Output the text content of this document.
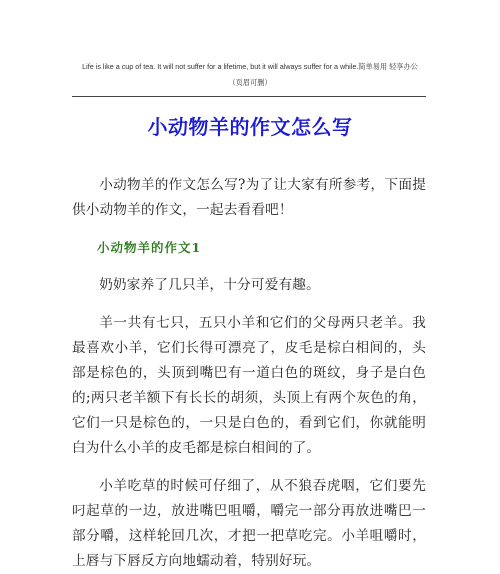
Life is like a cup of tea. It will not suffer for a lifetime, but it will always suffer for a while.简单易用 轻享办公
（页眉可删）
小动物羊的作文怎么写

小动物羊的作文怎么写?为了让大家有所参考，下面提供小动物羊的作文，一起去看看吧！

小动物羊的作文1

奶奶家养了几只羊，十分可爱有趣。

羊一共有七只，五只小羊和它们的父母两只老羊。我最喜欢小羊，它们长得可漂亮了，皮毛是棕白相间的，头部是棕色的，头顶到嘴巴有一道白色的斑纹，身子是白色的;两只老羊额下有长长的胡须，头顶上有两个灰色的角，它们一只是棕色的，一只是白色的，看到它们，你就能明白为什么小羊的皮毛都是棕白相间的了。

小羊吃草的时候可仔细了，从不狼吞虎咽，它们要先叼起草的一边，放进嘴巴咀嚼，嚼完一部分再放进嘴巴一部分嚼，这样轮回几次，才把一把草吃完。小羊咀嚼时，上唇与下唇反方向地蠕动着，特别好玩。
